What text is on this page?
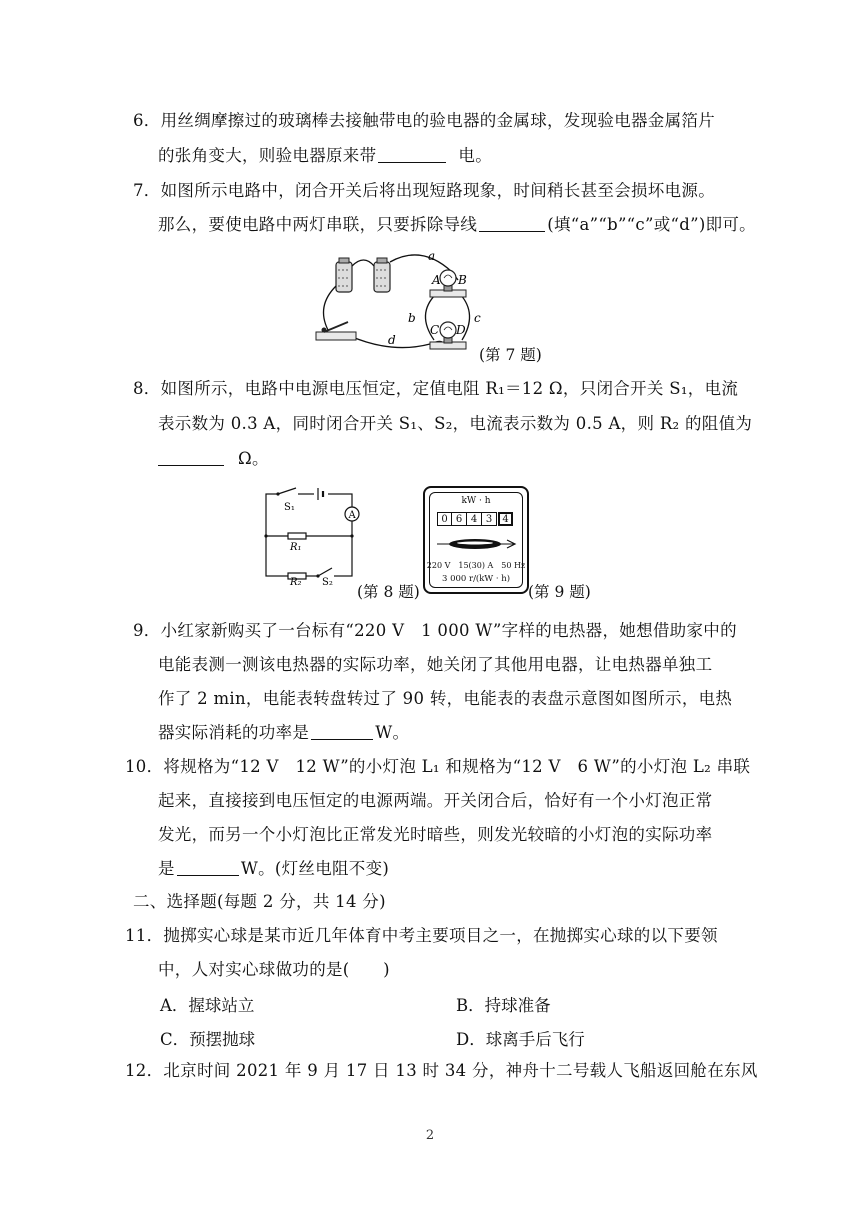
6．用丝绸摩擦过的玻璃棒去接触带电的验电器的金属球，发现验电器金属箔片
的张角变大，则验电器原来带	电。
7．如图所示电路中，闭合开关后将出现短路现象，时间稍长甚至会损坏电源。
那么，要使电路中两灯串联，只要拆除导线	(填“a”“b”“c”或“d”)即可。
a
b	c
d
A B
C D
(第 7 题)
8．如图所示，电路中电源电压恒定，定值电阻 R₁＝12 Ω，只闭合开关 S₁，电流
表示数为 0.3 A，同时闭合开关 S₁、S₂，电流表示数为 0.5 A，则 R₂ 的阻值为
Ω。
S₁
A
R₁
R₂ S₂
(第 8 题)
kW · h
0 6 4 3	4
220 V　15(30) A　50 Hz
3 000 r/(kW · h)
(第 9 题)
9．小红家新购买了一台标有“220 V　1 000 W”字样的电热器，她想借助家中的
电能表测一测该电热器的实际功率，她关闭了其他用电器，让电热器单独工
作了 2 min，电能表转盘转过了 90 转，电能表的表盘示意图如图所示，电热
器实际消耗的功率是	W。
10．将规格为“12 V　12 W”的小灯泡 L₁ 和规格为“12 V　6 W”的小灯泡 L₂ 串联
起来，直接接到电压恒定的电源两端。开关闭合后，恰好有一个小灯泡正常
发光，而另一个小灯泡比正常发光时暗些，则发光较暗的小灯泡的实际功率
是	W。(灯丝电阻不变)
二、选择题(每题 2 分，共 14 分)
11．抛掷实心球是某市近几年体育中考主要项目之一，在抛掷实心球的以下要领
中，人对实心球做功的是(　　)
A．握球站立	B．持球准备
C．预摆抛球	D．球离手后飞行
12．北京时间 2021 年 9 月 17 日 13 时 34 分，神舟十二号载人飞船返回舱在东风
2
